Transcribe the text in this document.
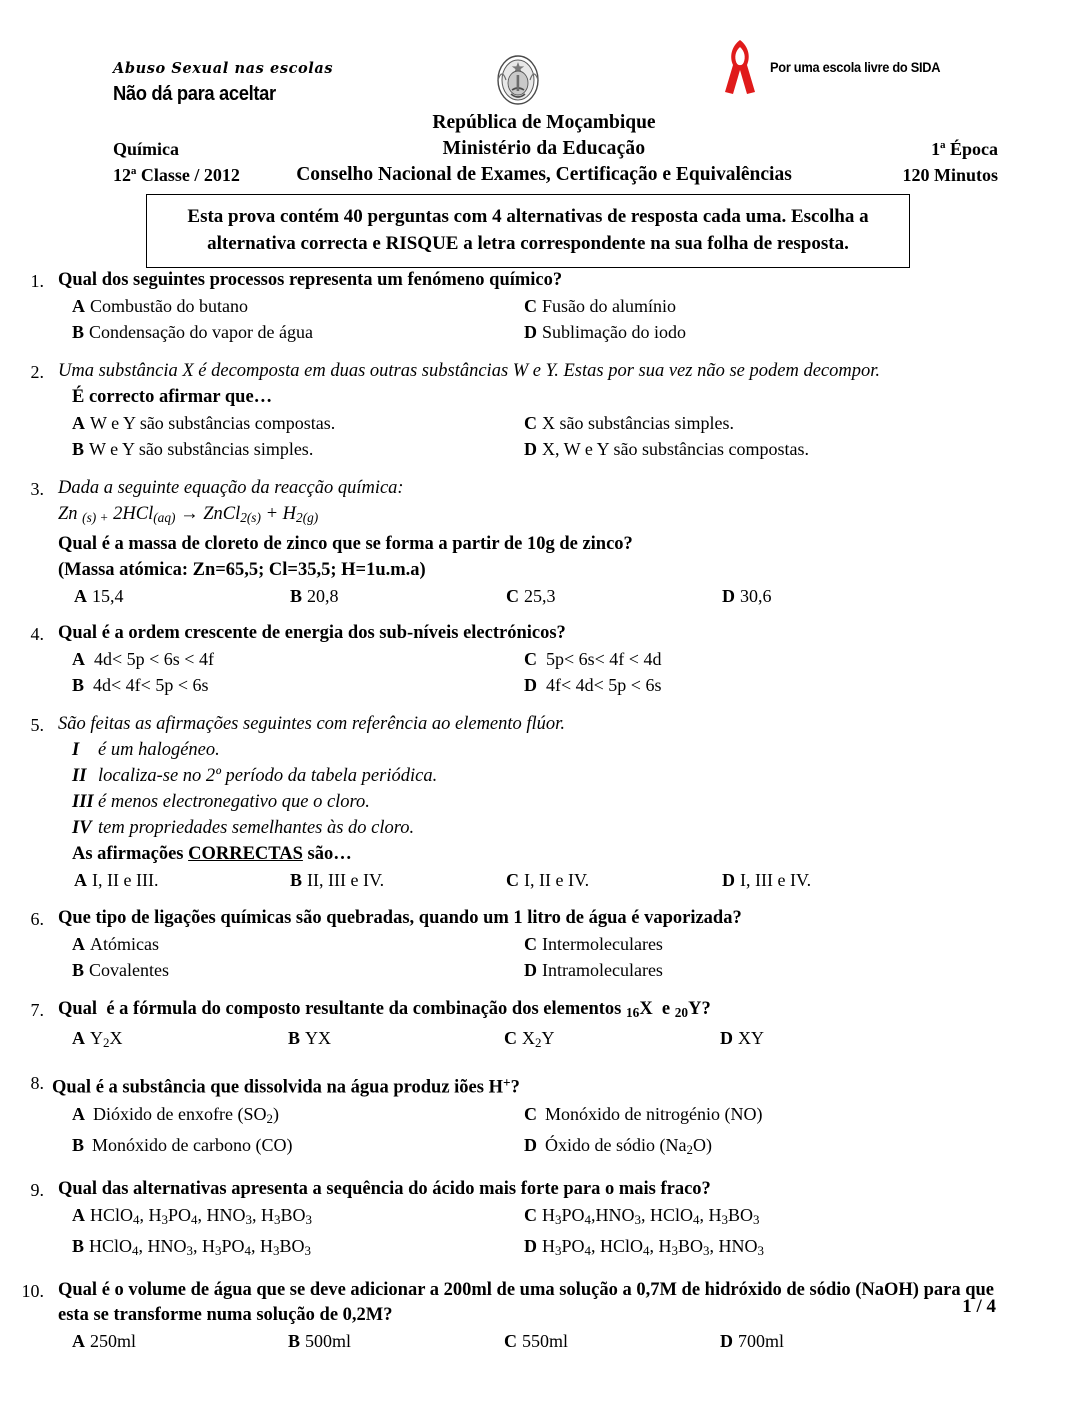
Abuso Sexual nas escolas
Não dá para aceltar
Por uma escola livre do SIDA
República de Moçambique
Ministério da Educação
Química
12ª Classe / 2012
1ª Época
120 Minutos
Conselho Nacional de Exames, Certificação e Equivalências
Esta prova contém 40 perguntas com 4 alternativas de resposta cada uma. Escolha a alternativa correcta e RISQUE a letra correspondente na sua folha de resposta.
1. Qual dos seguintes processos representa um fenómeno químico?
A Combustão do butano	C Fusão do alumínio
B Condensação do vapor de água	D Sublimação do iodo
2. Uma substância X é decomposta em duas outras substâncias W e Y. Estas por sua vez não se podem decompor.
É correcto afirmar que…
A W e Y são substâncias compostas.	C X são substâncias simples.
B W e Y são substâncias simples.	D X, W e Y são substâncias compostas.
3. Dada a seguinte equação da reacção química:
Zn (s) + 2HCl(aq) → ZnCl2(s) + H2(g)
Qual é a massa de cloreto de zinco que se forma a partir de 10g de zinco?
(Massa atómica: Zn=65,5; Cl=35,5; H=1u.m.a)
A 15,4	B 20,8	C 25,3	D 30,6
4. Qual é a ordem crescente de energia dos sub-níveis electrónicos?
A 4d< 5p < 6s < 4f	C 5p< 6s< 4f < 4d
B 4d< 4f< 5p < 6s	D 4f< 4d< 5p < 6s
5. São feitas as afirmações seguintes com referência ao elemento flúor.
I é um halogéneo.
II localiza-se no 2º período da tabela periódica.
III é menos electronegativo que o cloro.
IV tem propriedades semelhantes às do cloro.
As afirmações CORRECTAS são…
A I, II e III.	B II, III e IV.	C I, II e IV.	D I, III e IV.
6. Que tipo de ligações químicas são quebradas, quando um 1 litro de água é vaporizada?
A Atómicas	C Intermoleculares
B Covalentes	D Intramoleculares
7. Qual  é a fórmula do composto resultante da combinação dos elementos 16X  e 20Y?
A $Y_2X$	B YX	C $X_2Y$	D XY
8. Qual é a substância que dissolvida na água produz iões H+?
A Dióxido de enxofre $(SO_2)$	C Monóxido de nitrogénio (NO)
B Monóxido de carbono (CO)	D Óxido de sódio $(Na_2O)$
9. Qual das alternativas apresenta a sequência do ácido mais forte para o mais fraco?
A HClO$_4$, $H_3PO_4$, $HNO_3$, $H_3BO_3$	C $H_3PO_4,HNO_3$, HClO$_4$, $H_3BO_3$
B HClO$_4$, $HNO_3$, $H_3PO_4$, $H_3BO_3$	D $H_3PO_4$, HClO$_4$, $H_3BO_3$, $HNO_3$
10. Qual é o volume de água que se deve adicionar a 200ml de uma solução a 0,7M de hidróxido de sódio (NaOH) para que esta se transforme numa solução de 0,2M?
A 250ml	B 500ml	C 550ml	D 700ml
1 / 4
